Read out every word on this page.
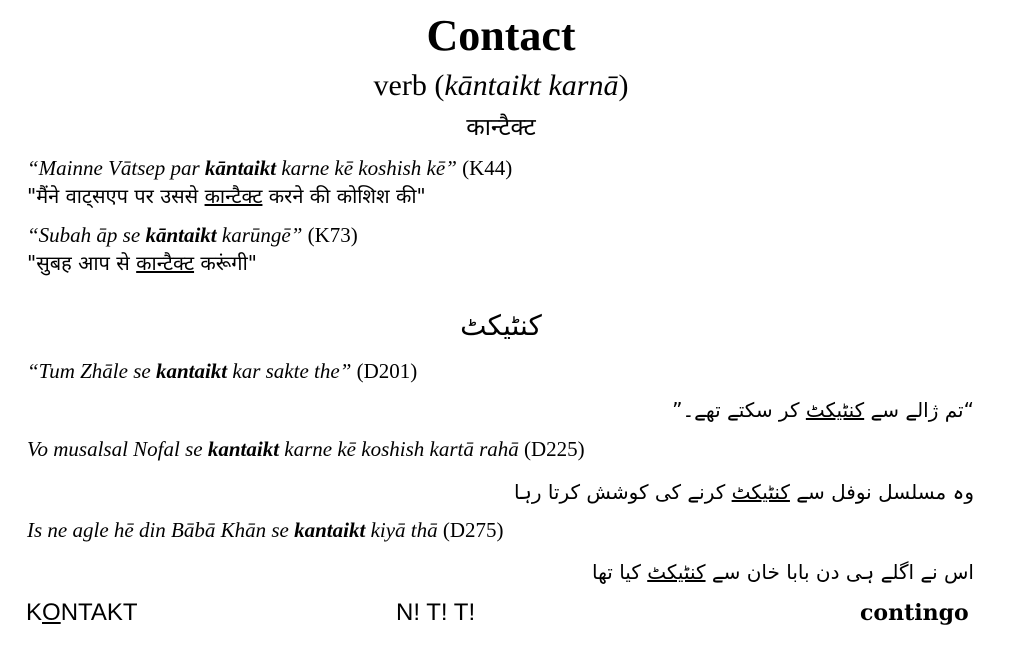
Contact
verb (kāntaikt karnā)
कान्टैक्ट
“Mainne Vātsep par kāntaikt karne kē koshish kē” (K44)
"मैंने वाट्सएप पर उससे कान्टैक्ट करने की कोशिश की"
“Subah āp se kāntaikt karūngē” (K73)
"सुबह आप से कान्टैक्ट करूंगी"
کنٹیکٹ
“Tum Zhāle se kantaikt kar sakte the” (D201)
“تم ژالے سے کنٹیکٹ کر سکتے تھے۔”
Vo musalsal Nofal se kantaikt karne kē koshish kartā rahā (D225)
وہ مسلسل نوفل سے کنٹیکٹ کرنے کی کوشش کرتا رہا
Is ne agle hē din Bābā Khān se kantaikt kiyā thā (D275)
اس نے اگلے ہی دن بابا خان سے کنٹیکٹ کیا تھا
KONTAKT	N! T! T!	contingo
